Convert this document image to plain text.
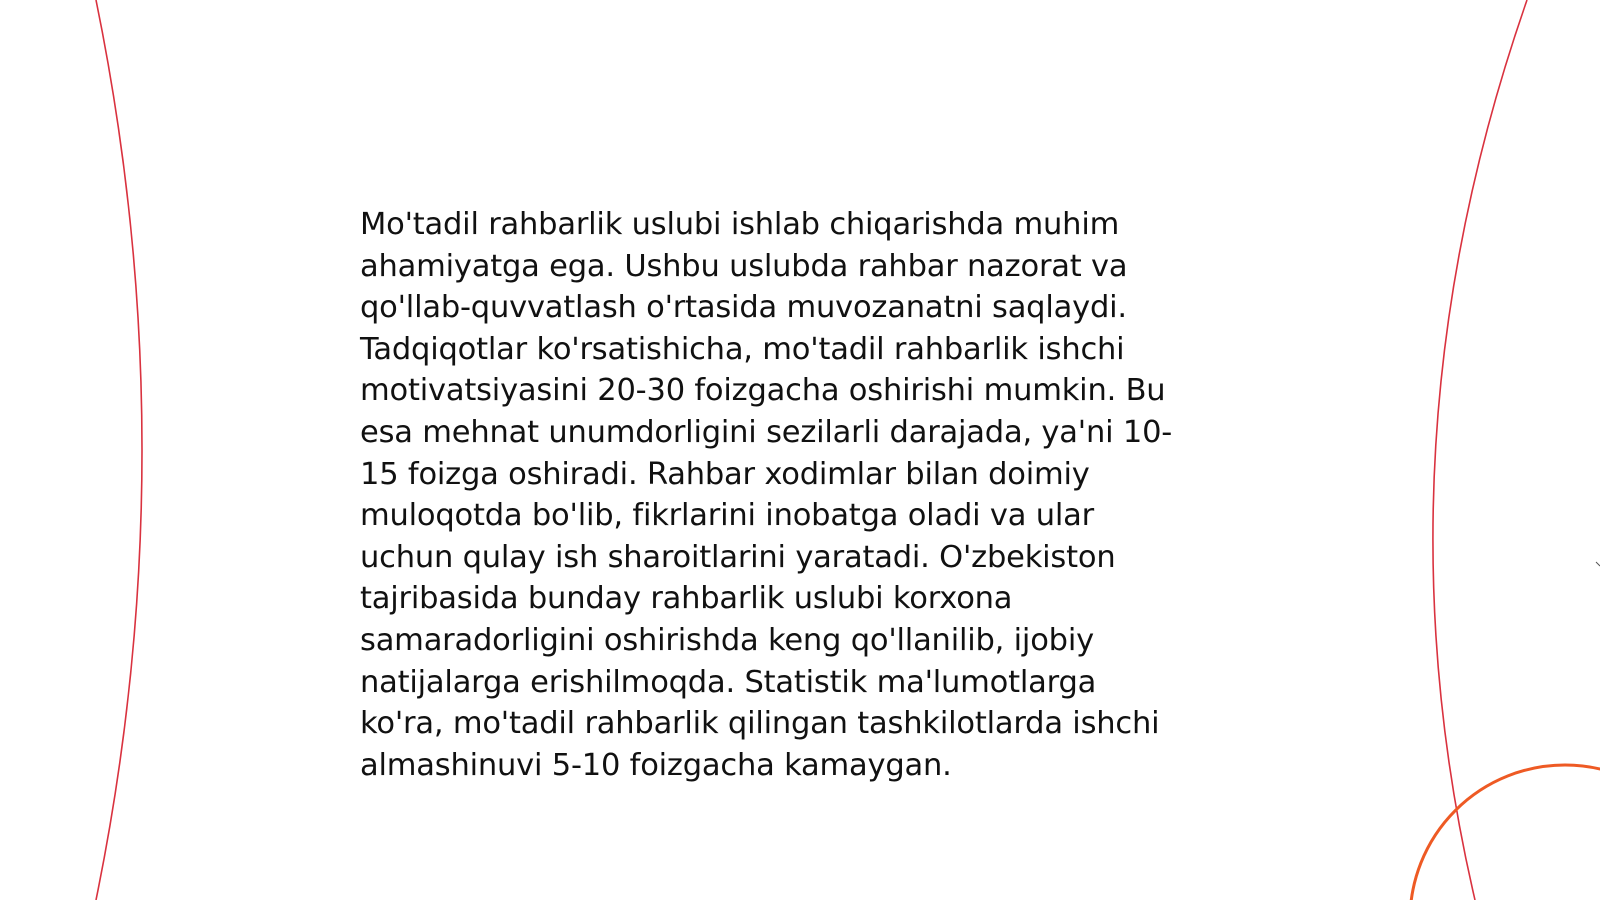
Mo'tadil rahbarlik uslubi ishlab chiqarishda muhim
ahamiyatga ega. Ushbu uslubda rahbar nazorat va
qo'llab-quvvatlash o'rtasida muvozanatni saqlaydi.
Tadqiqotlar ko'rsatishicha, mo'tadil rahbarlik ishchi
motivatsiyasini 20-30 foizgacha oshirishi mumkin. Bu
esa mehnat unumdorligini sezilarli darajada, ya'ni 10-
15 foizga oshiradi. Rahbar xodimlar bilan doimiy
muloqotda bo'lib, fikrlarini inobatga oladi va ular
uchun qulay ish sharoitlarini yaratadi. O'zbekiston
tajribasida bunday rahbarlik uslubi korxona
samaradorligini oshirishda keng qo'llanilib, ijobiy
natijalarga erishilmoqda. Statistik ma'lumotlarga
ko'ra, mo'tadil rahbarlik qilingan tashkilotlarda ishchi
almashinuvi 5-10 foizgacha kamaygan.
